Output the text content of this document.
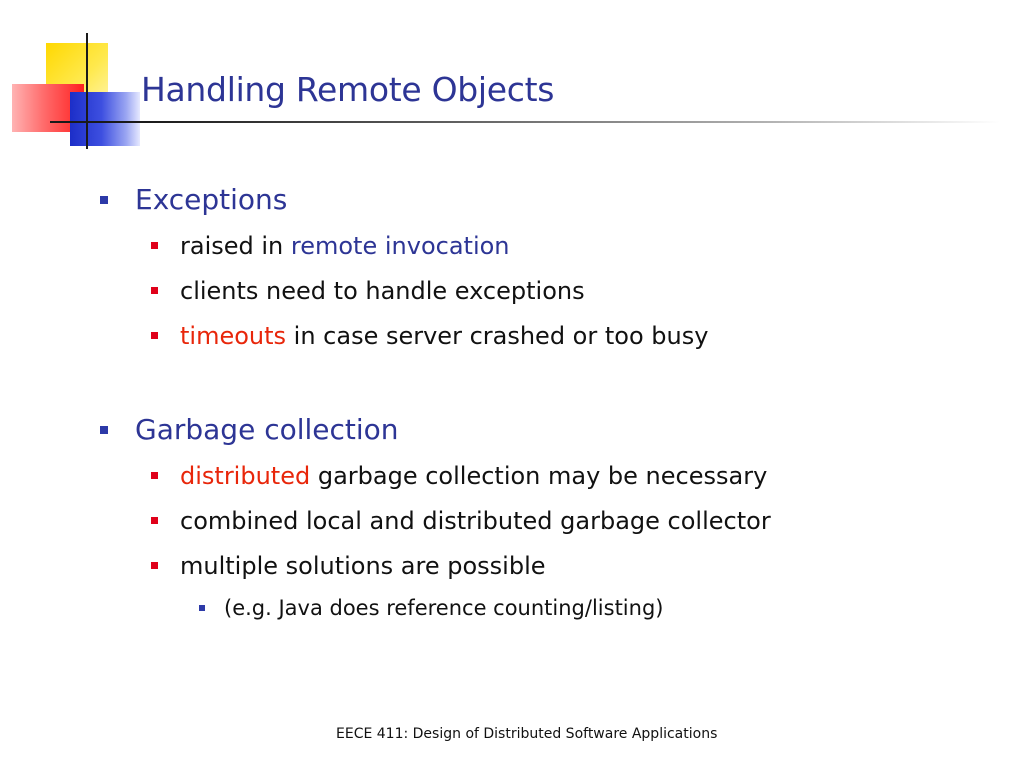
Handling Remote Objects
Exceptions
raised in remote invocation
clients need to handle exceptions
timeouts in case server crashed or too busy
Garbage collection
distributed garbage collection may be necessary
combined local and distributed garbage collector
multiple solutions are possible
(e.g. Java does reference counting/listing)
EECE 411: Design of Distributed Software Applications
